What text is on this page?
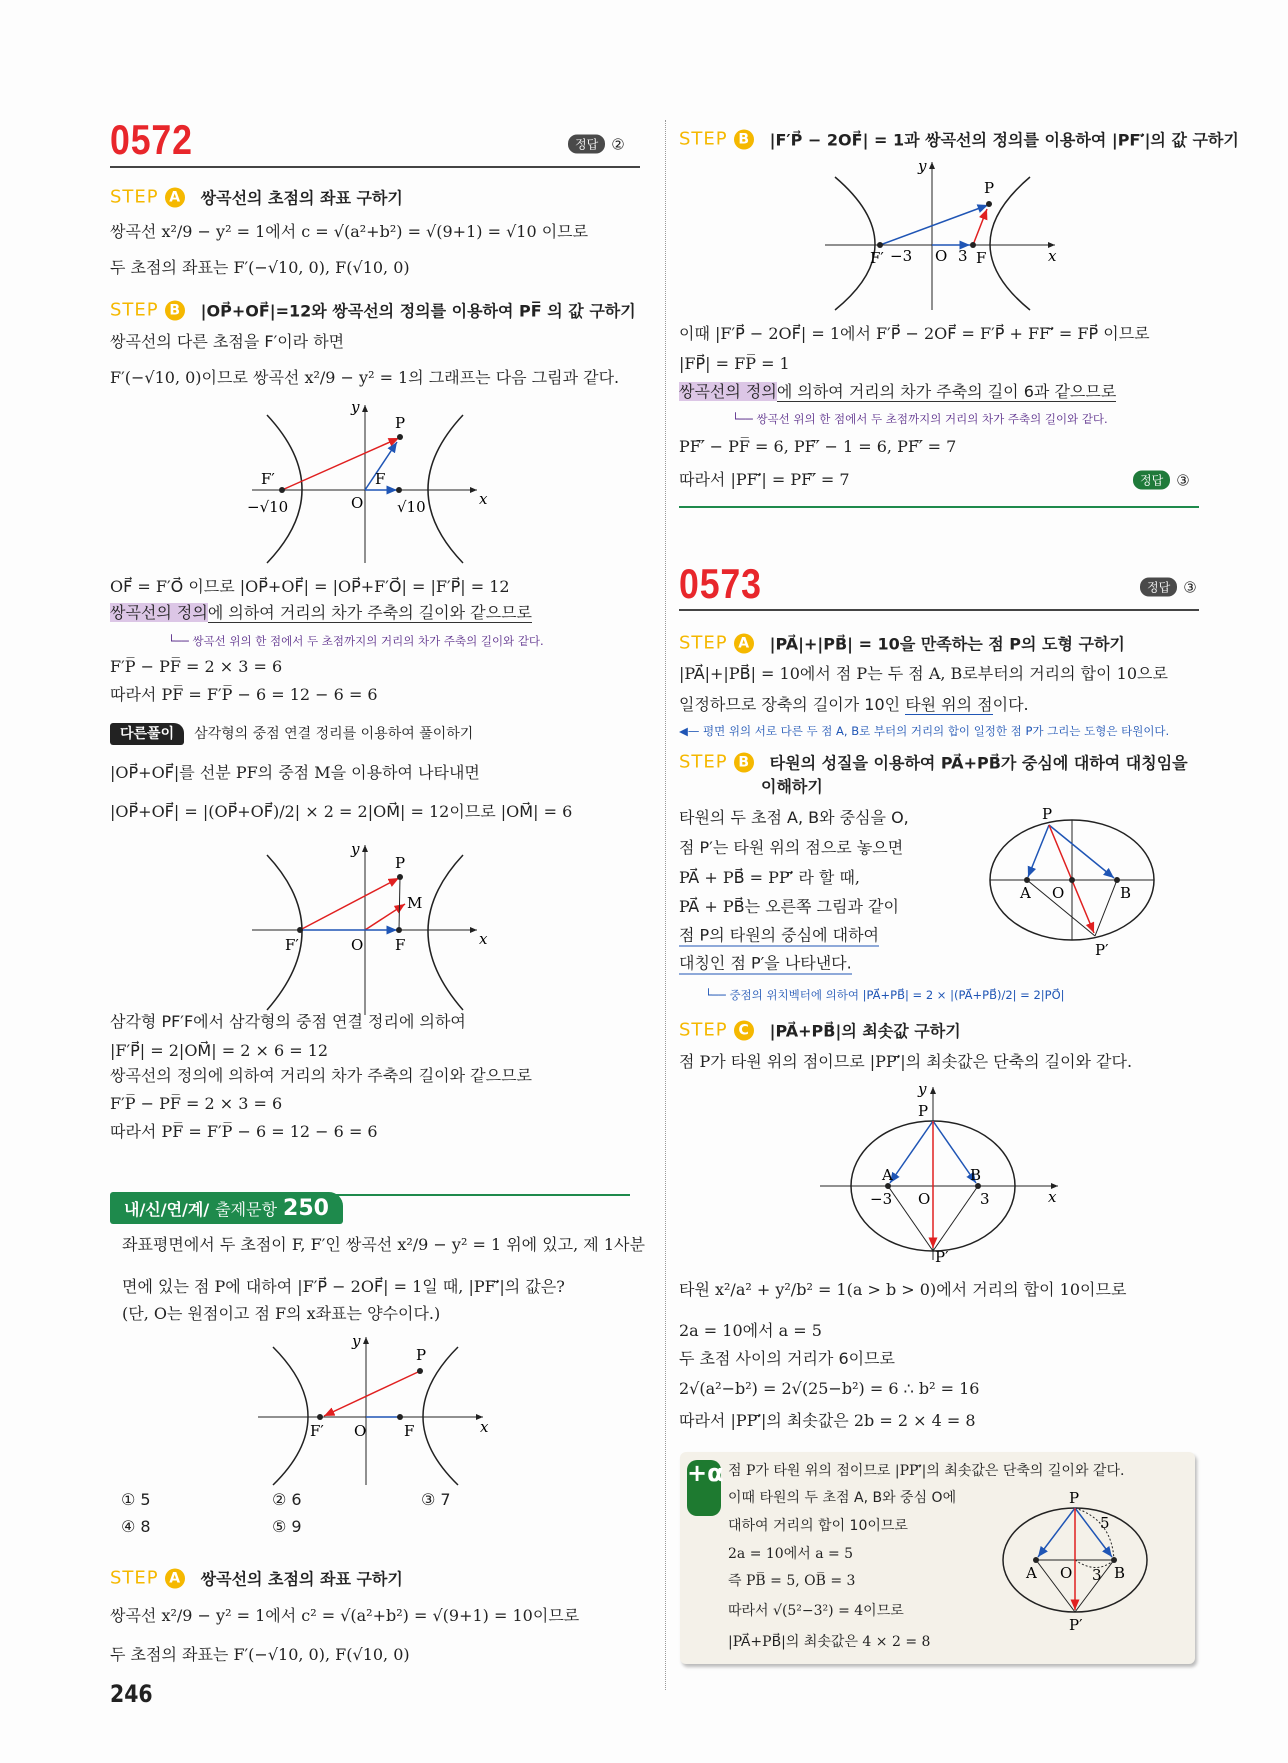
0572	정답 ②
STEP A 쌍곡선의 초점의 좌표 구하기
쌍곡선 x²/9 − y² = 1에서 c = √(a²+b²) = √(9+1) = √10 이므로
두 초점의 좌표는 F′(−√10, 0), F(√10, 0)
STEP B |OP⃗+OF⃗|=12와 쌍곡선의 정의를 이용하여 PF̅ 의 값 구하기
쌍곡선의 다른 초점을 F′이라 하면
F′(−√10, 0)이므로 쌍곡선 x²/9 − y² = 1의 그래프는 다음 그림과 같다.
y
x
P
F′	F
O
−√10	√10
OF⃗ = F′O⃗ 이므로 |OP⃗+OF⃗| = |OP⃗+F′O⃗| = |F′P⃗| = 12
쌍곡선의 정의에 의하여 거리의 차가 주축의 길이와 같으므로
└── 쌍곡선 위의 한 점에서 두 초점까지의 거리의 차가 주축의 길이와 같다.
F′P̅ − PF̅ = 2 × 3 = 6
따라서 PF̅ = F′P̅ − 6 = 12 − 6 = 6
다른풀이 삼각형의 중점 연결 정리를 이용하여 풀이하기
|OP⃗+OF⃗|를 선분 PF의 중점 M을 이용하여 나타내면
|OP⃗+OF⃗| = |(OP⃗+OF⃗)/2| × 2 = 2|OM⃗| = 12이므로 |OM⃗| = 6
y
x
P
M
F′	F
O
삼각형 PF′F에서 삼각형의 중점 연결 정리에 의하여
|F′P⃗| = 2|OM⃗| = 2 × 6 = 12
쌍곡선의 정의에 의하여 거리의 차가 주축의 길이와 같으므로
F′P̅ − PF̅ = 2 × 3 = 6
따라서 PF̅ = F′P̅ − 6 = 12 − 6 = 6
내/신/연/계/ 출제문항 250
좌표평면에서 두 초점이 F, F′인 쌍곡선 x²/9 − y² = 1 위에 있고, 제 1사분
면에 있는 점 P에 대하여 |F′P⃗ − 2OF⃗| = 1일 때, |PF′⃗|의 값은?
(단, O는 원점이고 점 F의 x좌표는 양수이다.)
y
x
P
F′	F
O
① 5	② 6	③ 7
④ 8	⑤ 9
STEP A 쌍곡선의 초점의 좌표 구하기
쌍곡선 x²/9 − y² = 1에서 c² = √(a²+b²) = √(9+1) = 10이므로
두 초점의 좌표는 F′(−√10, 0), F(√10, 0)
246
STEP B |F′P⃗ − 2OF⃗| = 1과 쌍곡선의 정의를 이용하여 |PF′⃗|의 값 구하기
y
x
P
F′	F
O
−3	3
이때 |F′P⃗ − 2OF⃗| = 1에서 F′P⃗ − 2OF⃗ = F′P⃗ + FF′⃗ = FP⃗ 이므로
|FP⃗| = FP̅ = 1
쌍곡선의 정의에 의하여 거리의 차가 주축의 길이 6과 같으므로
└── 쌍곡선 위의 한 점에서 두 초점까지의 거리의 차가 주축의 길이와 같다.
PF′̅ − PF̅ = 6, PF′̅ − 1 = 6, PF′̅ = 7
따라서 |PF′⃗| = PF′̅ = 7	정답 ③
0573	정답 ③
STEP A |PA⃗|+|PB⃗| = 10을 만족하는 점 P의 도형 구하기
|PA⃗|+|PB⃗| = 10에서 점 P는 두 점 A, B로부터의 거리의 합이 10으로
일정하므로 장축의 길이가 10인 타원 위의 점이다.
◀— 평면 위의 서로 다른 두 점 A, B로 부터의 거리의 합이 일정한 점 P가 그리는 도형은 타원이다.
STEP B 타원의 성질을 이용하여 PA⃗+PB⃗가 중심에 대하여 대칭임을
이해하기
타원의 두 초점 A, B와 중심을 O,
점 P′는 타원 위의 점으로 놓으면
PA⃗ + PB⃗ = PP′⃗ 라 할 때,
PA⃗ + PB⃗는 오른쪽 그림과 같이
점 P의 타원의 중심에 대하여
대칭인 점 P′을 나타낸다.
P
P′
A O	B
└── 중점의 위치벡터에 의하여 |PA⃗+PB⃗| = 2 × |(PA⃗+PB⃗)/2| = 2|PO⃗|
STEP C	|PA⃗+PB⃗|의 최솟값 구하기
점 P가 타원 위의 점이므로 |PP′⃗|의 최솟값은 단축의 길이와 같다.
y
x
P
P′
A	B
O
−3	3
타원 x²/a² + y²/b² = 1(a > b > 0)에서 거리의 합이 10이므로
2a = 10에서 a = 5
두 초점 사이의 거리가 6이므로
2√(a²−b²) = 2√(25−b²) = 6 ∴ b² = 16
따라서 |PP′⃗|의 최솟값은 2b = 2 × 4 = 8
+α 점 P가 타원 위의 점이므로 |PP′⃗|의 최솟값은 단축의 길이와 같다.
이때 타원의 두 초점 A, B와 중심 O에
대하여 거리의 합이 10이므로
2a = 10에서 a = 5
즉 PB̅ = 5, OB̅ = 3
따라서 √(5²−3²) = 4이므로
|PA⃗+PB⃗|의 최솟값은 4 × 2 = 8
P
P′
A	B
O
5
3
